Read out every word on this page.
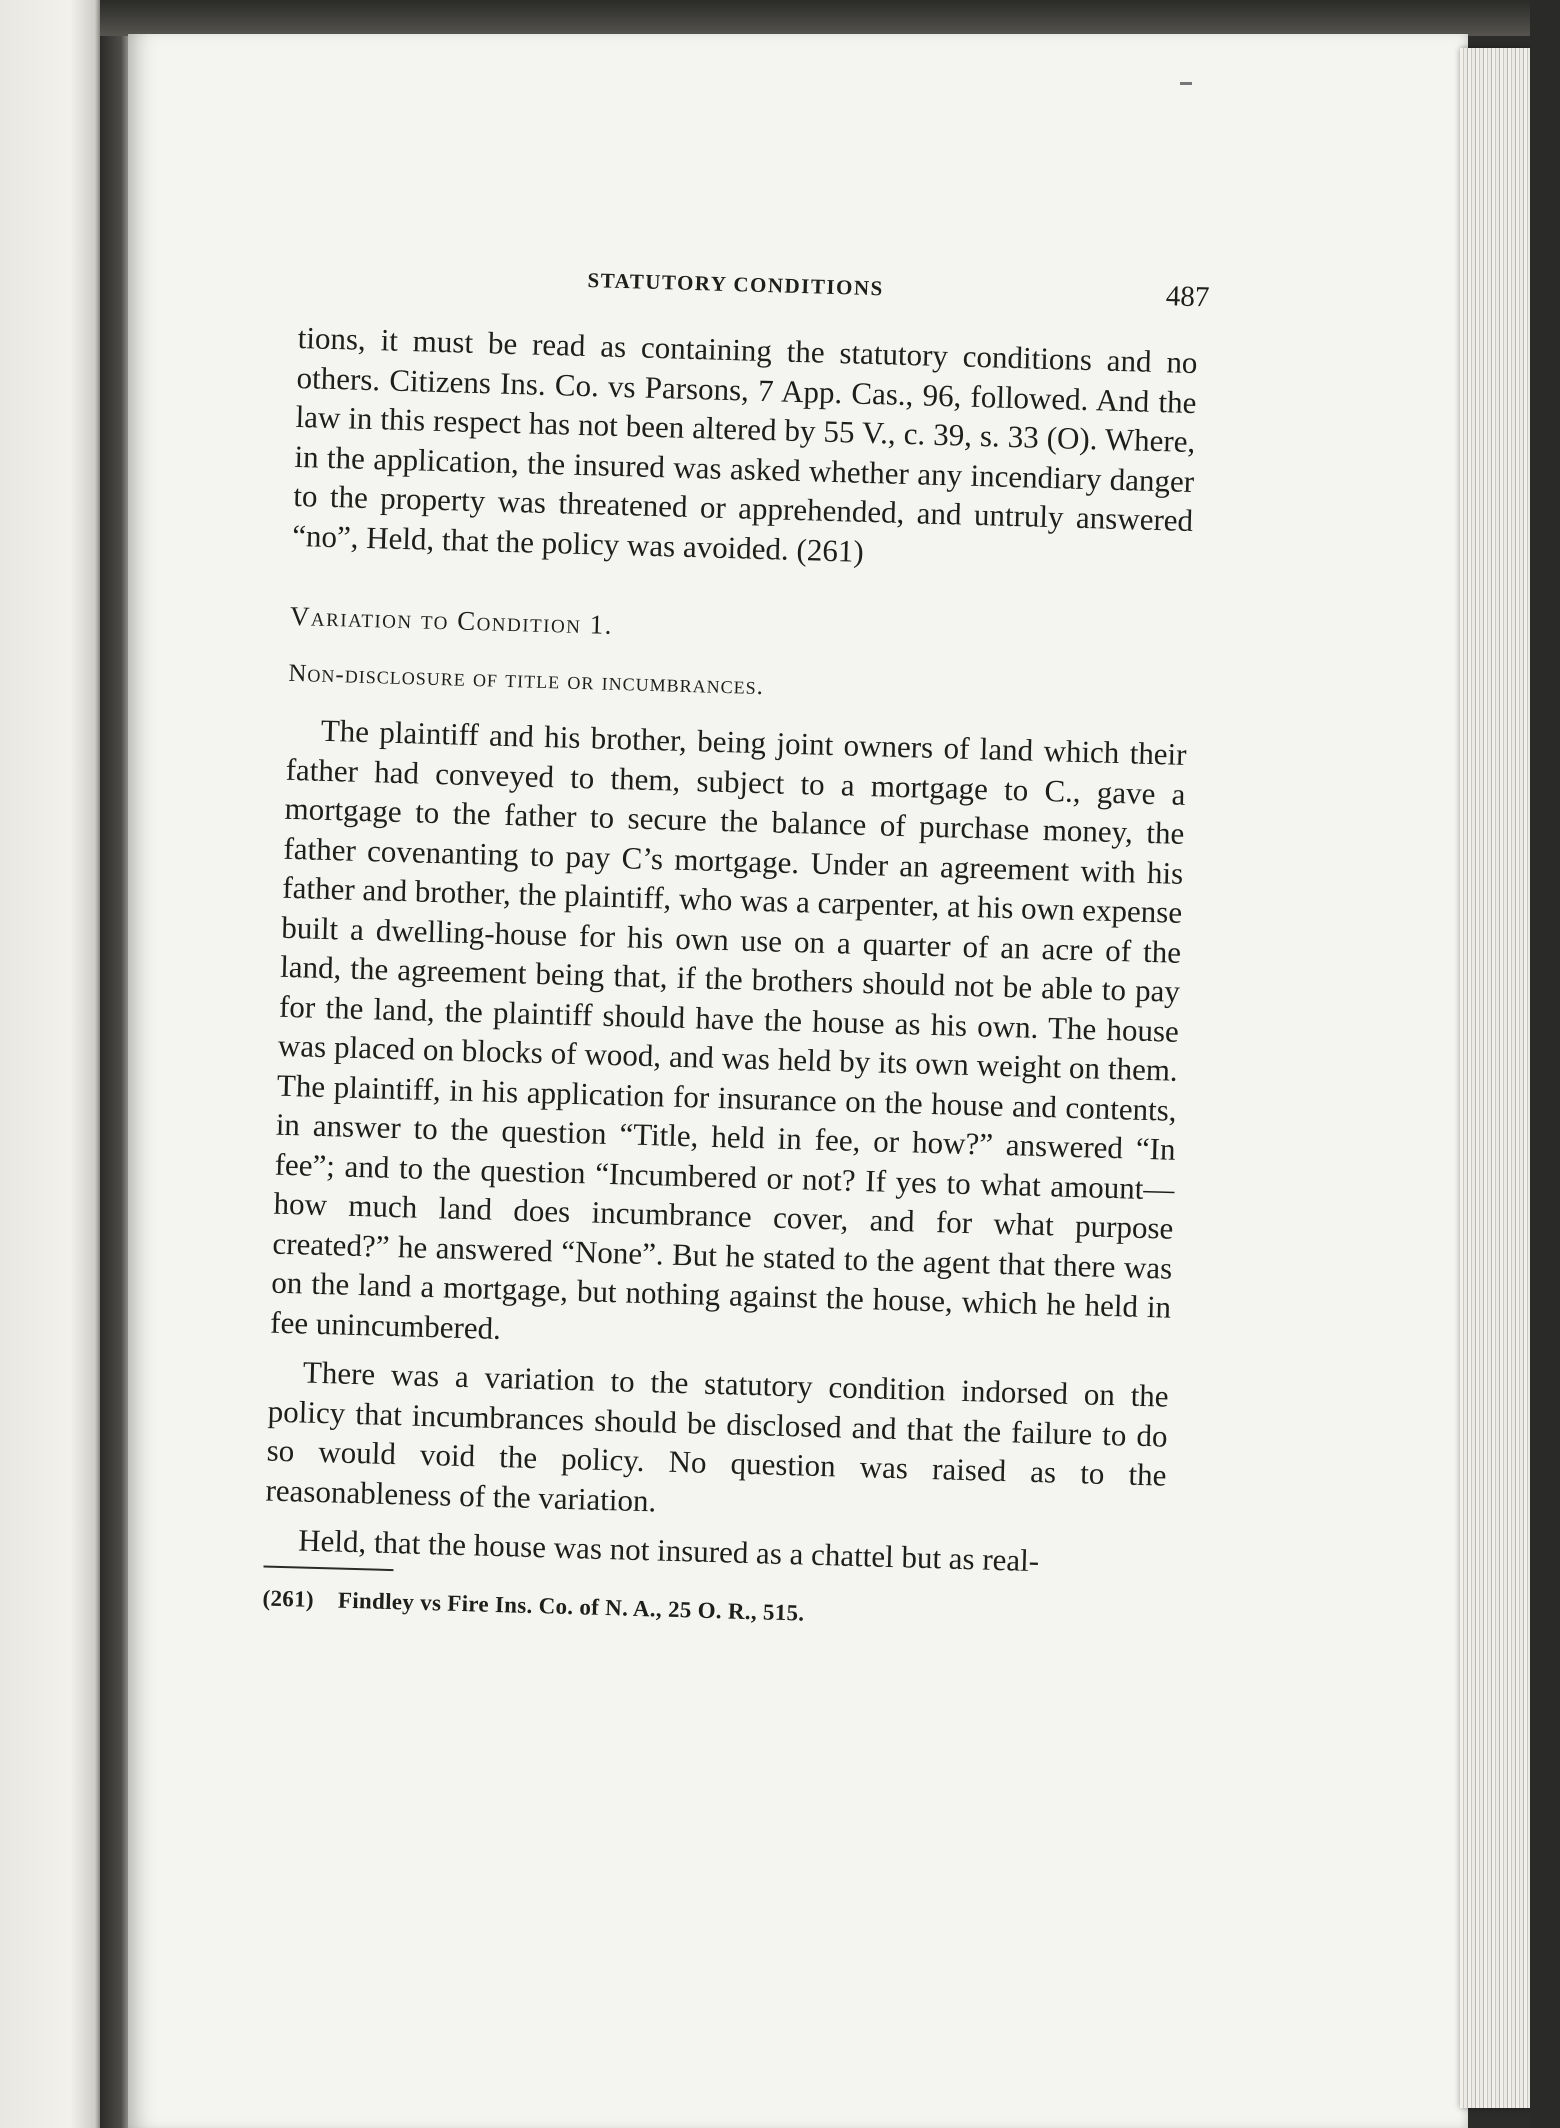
STATUTORY CONDITIONS	487

tions, it must be read as containing the statutory conditions and no others. Citizens Ins. Co. vs Parsons, 7 App. Cas., 96, followed. And the law in this respect has not been altered by 55 V., c. 39, s. 33 (O). Where, in the application, the insured was asked whether any incendiary danger to the property was threatened or apprehended, and untruly answered “no”, Held, that the policy was avoided. (261)

Variation to Condition 1.
Non-disclosure of title or incumbrances.

The plaintiff and his brother, being joint owners of land which their father had conveyed to them, subject to a mortgage to C., gave a mortgage to the father to secure the balance of purchase money, the father covenanting to pay C’s mortgage. Under an agreement with his father and brother, the plaintiff, who was a carpenter, at his own expense built a dwelling-house for his own use on a quarter of an acre of the land, the agreement being that, if the brothers should not be able to pay for the land, the plaintiff should have the house as his own. The house was placed on blocks of wood, and was held by its own weight on them. The plaintiff, in his application for insurance on the house and contents, in answer to the question “Title, held in fee, or how?” answered “In fee”; and to the question “Incumbered or not? If yes to what amount—how much land does incumbrance cover, and for what purpose created?” he answered “None”. But he stated to the agent that there was on the land a mortgage, but nothing against the house, which he held in fee unincumbered.

There was a variation to the statutory condition indorsed on the policy that incumbrances should be disclosed and that the failure to do so would void the policy. No question was raised as to the reasonableness of the variation.

Held, that the house was not insured as a chattel but as real-

(261) Findley vs Fire Ins. Co. of N. A., 25 O. R., 515.
